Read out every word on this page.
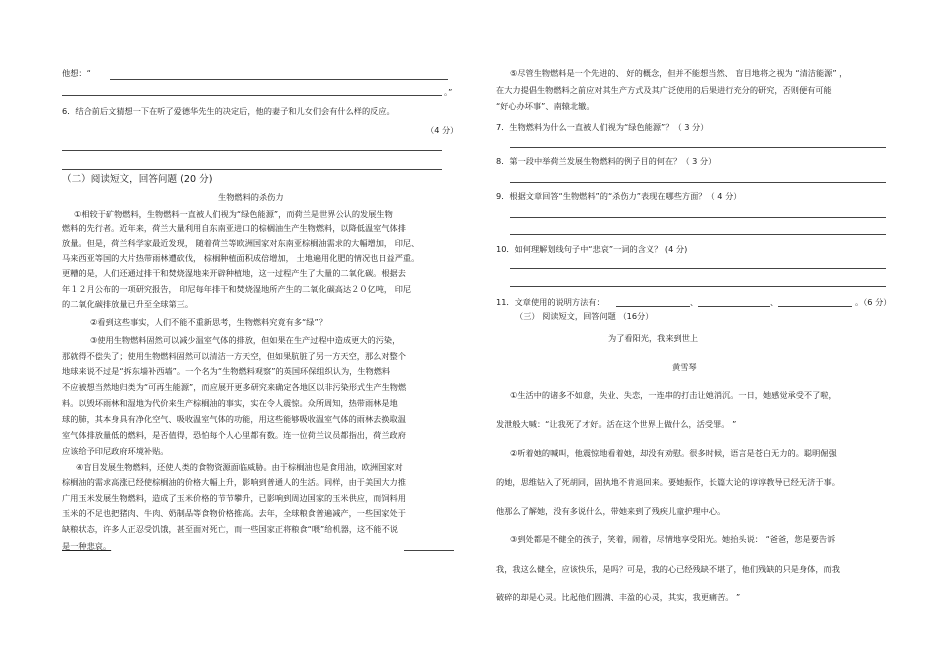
他想：“
。”
6．结合前后文猜想一下在听了爱德华先生的决定后，他的妻子和儿女们会有什么样的反应。
（4 分）
（二）阅读短文，回答问题 (20 分)
生物燃料的杀伤力
①相较于矿物燃料，生物燃料一直被人们视为“绿色能源”，而荷兰是世界公认的发展生物
燃料的先行者。近年来，荷兰大量利用自东南亚进口的棕榈油生产生物燃料，以降低温室气体排
放量。但是，荷兰科学家最近发现， 随着荷兰等欧洲国家对东南亚棕榈油需求的大幅增加， 印尼、
马来西亚等国的大片热带雨林遭砍伐， 棕榈种植面积成倍增加， 土地遍用化肥的情况也日益严重。
更糟的是，人们还通过排干和焚烧湿地来开辟种植地，这一过程产生了大量的二氧化碳。根据去
年１２月公布的一项研究报告， 印尼每年排干和焚烧湿地所产生的二氧化碳高达２０亿吨， 印尼
的二氧化碳排放量已升至全球第三。
②看到这些事实，人们不能不重新思考，生物燃料究竟有多“绿”？
③使用生物燃料固然可以减少温室气体的排放，但如果在生产过程中造成更大的污染，
那就得不偿失了；使用生物燃料固然可以清洁一方天空，但如果肮脏了另一方天空，那么对整个
地球来说不过是“拆东墙补西墙”。一个名为“生物燃料观察”的英国环保组织认为，生物燃料
不应被想当然地归类为“可再生能源”，而应展开更多研究来确定各地区以非污染形式生产生物燃
料。以毁坏雨林和湿地为代价来生产棕榈油的事实，实在令人震惊。众所周知，热带雨林是地
球的肺，其本身具有净化空气、吸收温室气体的功能，用这些能够吸收温室气体的雨林去换取温
室气体排放量低的燃料，是否值得，恐怕每个人心里都有数。连一位荷兰议员都指出，荷兰政府
应该给予印尼政府环境补贴。
④盲目发展生物燃料，还使人类的食物资源面临威胁。由于棕榈油也是食用油，欧洲国家对
棕榈油的需求高涨已经使棕榈油的价格大幅上升，影响到普通人的生活。同样，由于美国大力推
广用玉米发展生物燃料，造成了玉米价格的节节攀升，已影响到周边国家的玉米供应，而饲料用
玉米的不足也把猪肉、牛肉、奶制品等食物价格推高。去年，全球粮食普遍减产，一些国家处于
缺粮状态，许多人正忍受饥饿，甚至面对死亡，而一些国家正将粮食“喂”给机器，这不能不说
是一种悲哀。
⑤尽管生物燃料是一个先进的、 好的概念，但并不能想当然、 盲目地将之视为 “清洁能源” ，
在大力提倡生物燃料之前应对其生产方式及其广泛使用的后果进行充分的研究，否则便有可能
“好心办坏事”、南辕北辙。
7．生物燃料为什么一直被人们视为“绿色能源”？（ 3 分）
8．第一段中举荷兰发展生物燃料的例子目的何在？（ 3 分）
9．根据文章回答“生物燃料”的“杀伤力”表现在哪些方面？（ 4 分）
10．如何理解划线句子中“悲哀”一词的含义？ (4 分)
11．文章使用的说明方法有：	、	、	。（6 分）
（三） 阅读短文，回答问题 （16分）
为了看阳光，我来到世上
黄雪琴
①生活中的诸多不如意，失业、失恋，一连串的打击让她消沉。一日，她感觉承受不了啦，
发泄般大喊：“让我死了才好。活在这个世界上做什么，活受罪。 ”
②听着她的喊叫，他震惊地看着她，却没有劝慰。很多时候，语言是苍白无力的。聪明倔强
的她，思维钻入了死胡同，固执地不肯退回来。要她振作，长篇大论的谆谆教导已经无济于事。
他那么了解她，没有多说什么，带她来到了残疾儿童护理中心。
③到处都是不健全的孩子，笑着，闹着，尽情地享受阳光。她抬头说： “爸爸，您是要告诉
我，我这么健全，应该快乐，是吗？可是，我的心已经残缺不堪了，他们残缺的只是身体，而我
破碎的却是心灵。比起他们圆满、丰盈的心灵，其实，我更痛苦。 ”
